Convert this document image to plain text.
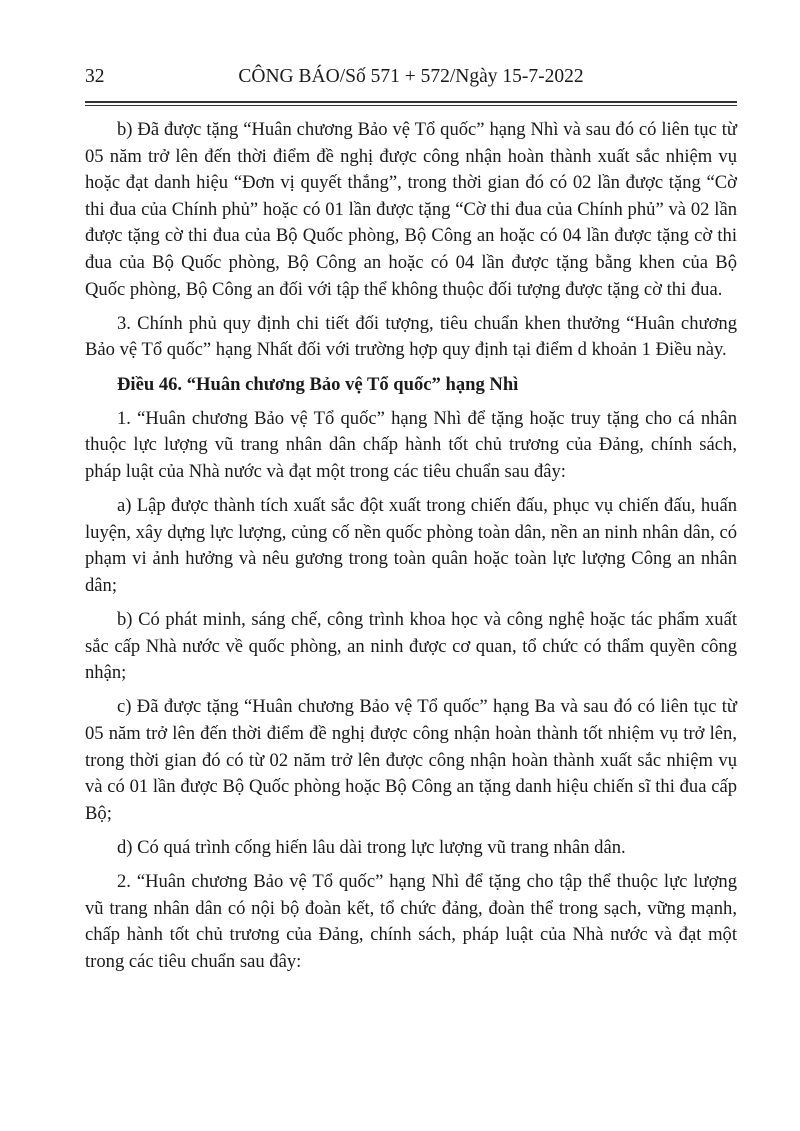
32	CÔNG BÁO/Số 571 + 572/Ngày 15-7-2022

b) Đã được tặng “Huân chương Bảo vệ Tổ quốc” hạng Nhì và sau đó có liên tục từ 05 năm trở lên đến thời điểm đề nghị được công nhận hoàn thành xuất sắc nhiệm vụ hoặc đạt danh hiệu “Đơn vị quyết thắng”, trong thời gian đó có 02 lần được tặng “Cờ thi đua của Chính phủ” hoặc có 01 lần được tặng “Cờ thi đua của Chính phủ” và 02 lần được tặng cờ thi đua của Bộ Quốc phòng, Bộ Công an hoặc có 04 lần được tặng cờ thi đua của Bộ Quốc phòng, Bộ Công an hoặc có 04 lần được tặng bằng khen của Bộ Quốc phòng, Bộ Công an đối với tập thể không thuộc đối tượng được tặng cờ thi đua.

3. Chính phủ quy định chi tiết đối tượng, tiêu chuẩn khen thưởng “Huân chương Bảo vệ Tổ quốc” hạng Nhất đối với trường hợp quy định tại điểm d khoản 1 Điều này.

Điều 46. “Huân chương Bảo vệ Tổ quốc” hạng Nhì

1. “Huân chương Bảo vệ Tổ quốc” hạng Nhì để tặng hoặc truy tặng cho cá nhân thuộc lực lượng vũ trang nhân dân chấp hành tốt chủ trương của Đảng, chính sách, pháp luật của Nhà nước và đạt một trong các tiêu chuẩn sau đây:

a) Lập được thành tích xuất sắc đột xuất trong chiến đấu, phục vụ chiến đấu, huấn luyện, xây dựng lực lượng, củng cố nền quốc phòng toàn dân, nền an ninh nhân dân, có phạm vi ảnh hưởng và nêu gương trong toàn quân hoặc toàn lực lượng Công an nhân dân;

b) Có phát minh, sáng chế, công trình khoa học và công nghệ hoặc tác phẩm xuất sắc cấp Nhà nước về quốc phòng, an ninh được cơ quan, tổ chức có thẩm quyền công nhận;

c) Đã được tặng “Huân chương Bảo vệ Tổ quốc” hạng Ba và sau đó có liên tục từ 05 năm trở lên đến thời điểm đề nghị được công nhận hoàn thành tốt nhiệm vụ trở lên, trong thời gian đó có từ 02 năm trở lên được công nhận hoàn thành xuất sắc nhiệm vụ và có 01 lần được Bộ Quốc phòng hoặc Bộ Công an tặng danh hiệu chiến sĩ thi đua cấp Bộ;

d) Có quá trình cống hiến lâu dài trong lực lượng vũ trang nhân dân.

2. “Huân chương Bảo vệ Tổ quốc” hạng Nhì để tặng cho tập thể thuộc lực lượng vũ trang nhân dân có nội bộ đoàn kết, tổ chức đảng, đoàn thể trong sạch, vững mạnh, chấp hành tốt chủ trương của Đảng, chính sách, pháp luật của Nhà nước và đạt một trong các tiêu chuẩn sau đây:
